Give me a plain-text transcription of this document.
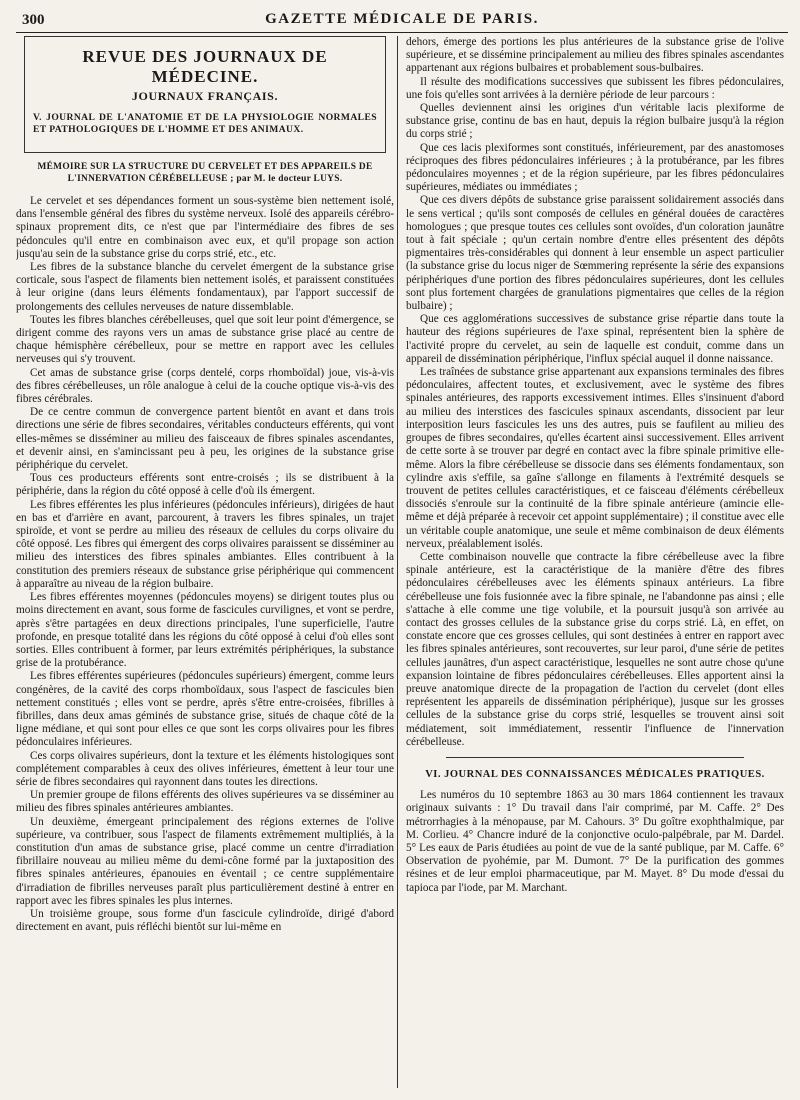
300	GAZETTE MÉDICALE DE PARIS.
REVUE DES JOURNAUX DE MÉDECINE.
JOURNAUX FRANÇAIS.

V. JOURNAL DE L'ANATOMIE ET DE LA PHYSIOLOGIE NORMALES ET PATHOLOGIQUES DE L'HOMME ET DES ANIMAUX.

MÉMOIRE SUR LA STRUCTURE DU CERVELET ET DES APPAREILS DE L'INNERVATION CÉRÉBELLEUSE ; par M. le docteur LUYS.

Le cervelet et ses dépendances forment un sous-système bien nettement isolé, dans l'ensemble général des fibres du système nerveux. Isolé des appareils cérébro-spinaux proprement dits, ce n'est que par l'intermédiaire des fibres de ses pédoncules qu'il entre en combinaison avec eux, et qu'il propage son action jusqu'au sein de la substance grise du corps strié, etc., etc.

Les fibres de la substance blanche du cervelet émergent de la substance grise corticale, sous l'aspect de filaments bien nettement isolés, et paraissent constituées à leur origine (dans leurs éléments fondamentaux), par l'apport successif de prolongements des cellules nerveuses de nature dissemblable.

Toutes les fibres blanches cérébelleuses, quel que soit leur point d'émergence, se dirigent comme des rayons vers un amas de substance grise placé au centre de chaque hémisphère cérébelleux, pour se mettre en rapport avec les cellules nerveuses qui s'y trouvent.

Cet amas de substance grise (corps dentelé, corps rhomboïdal) joue, vis-à-vis des fibres cérébelleuses, un rôle analogue à celui de la couche optique vis-à-vis des fibres cérébrales.

De ce centre commun de convergence partent bientôt en avant et dans trois directions une série de fibres secondaires, véritables conducteurs efférents, qui vont elles-mêmes se disséminer au milieu des faisceaux de fibres spinales ascendantes, et devenir ainsi, en s'amincissant peu à peu, les origines de la substance grise périphérique du cervelet.

Tous ces producteurs efférents sont entre-croisés ; ils se distribuent à la périphérie, dans la région du côté opposé à celle d'où ils émergent.

Les fibres efférentes les plus inférieures (pédoncules inférieurs), dirigées de haut en bas et d'arrière en avant, parcourent, à travers les fibres spinales, un trajet spiroïde, et vont se perdre au milieu des réseaux de cellules du corps olivaire du côté opposé. Les fibres qui émergent des corps olivaires paraissent se disséminer au milieu des interstices des fibres spinales ambiantes. Elles contribuent à la constitution des premiers réseaux de substance grise périphérique qui commencent à apparaître au niveau de la région bulbaire.

Les fibres efférentes moyennes (pédoncules moyens) se dirigent toutes plus ou moins directement en avant, sous forme de fascicules curvilignes, et vont se perdre, après s'être partagées en deux directions principales, l'une superficielle, l'autre profonde, en presque totalité dans les régions du côté opposé à celui d'où elles sont sorties. Elles contribuent à former, par leurs extrémités périphériques, la substance grise de la protubérance.

Les fibres efférentes supérieures (pédoncules supérieurs) émergent, comme leurs congénères, de la cavité des corps rhomboïdaux, sous l'aspect de fascicules bien nettement constitués ; elles vont se perdre, après s'être entre-croisées, fibrilles à fibrilles, dans deux amas géminés de substance grise, situés de chaque côté de la ligne médiane, et qui sont pour elles ce que sont les corps olivaires pour les fibres pédonculaires inférieures.

Ces corps olivaires supérieurs, dont la texture et les éléments histologiques sont complétement comparables à ceux des olives inférieures, émettent à leur tour une série de fibres secondaires qui rayonnent dans toutes les directions.

Un premier groupe de filons efférents des olives supérieures va se disséminer au milieu des fibres spinales antérieures ambiantes.

Un deuxième, émergeant principalement des régions externes de l'olive supérieure, va contribuer, sous l'aspect de filaments extrêmement multipliés, à la constitution d'un amas de substance grise, placé comme un centre d'irradiation fibrillaire nouveau au milieu même du demi-cône formé par la juxtaposition des fibres spinales antérieures, épanouies en éventail ; ce centre supplémentaire d'irradiation de fibrilles nerveuses paraît plus particulièrement destiné à entrer en rapport avec les fibres spinales les plus internes.

Un troisième groupe, sous forme d'un fascicule cylindroïde, dirigé d'abord directement en avant, puis réfléchi bientôt sur lui-même en

dehors, émerge des portions les plus antérieures de la substance grise de l'olive supérieure, et se dissémine principalement au milieu des fibres spinales ascendantes appartenant aux régions bulbaires et probablement sous-bulbaires.

Il résulte des modifications successives que subissent les fibres pédonculaires, une fois qu'elles sont arrivées à la dernière période de leur parcours :

Quelles deviennent ainsi les origines d'un véritable lacis plexiforme de substance grise, continu de bas en haut, depuis la région bulbaire jusqu'à la région du corps strié ;

Que ces lacis plexiformes sont constitués, inférieurement, par des anastomoses réciproques des fibres pédonculaires inférieures ; à la protubérance, par les fibres pédonculaires moyennes ; et de la région supérieure, par les fibres pédonculaires supérieures, médiates ou immédiates ;

Que ces divers dépôts de substance grise paraissent solidairement associés dans le sens vertical ; qu'ils sont composés de cellules en général douées de caractères homologues ; que presque toutes ces cellules sont ovoïdes, d'un coloration jaunâtre tout à fait spéciale ; qu'un certain nombre d'entre elles présentent des dépôts pigmentaires très-considérables qui donnent à leur ensemble un aspect particulier (la substance grise du locus niger de Sœmmering représente la série des expansions périphériques d'une portion des fibres pédonculaires supérieures, dont les cellules sont plus fortement chargées de granulations pigmentaires que celles de la région bulbaire) ;

Que ces agglomérations successives de substance grise répartie dans toute la hauteur des régions supérieures de l'axe spinal, représentent bien la sphère de l'activité propre du cervelet, au sein de laquelle est conduit, comme dans un appareil de dissémination périphérique, l'influx spécial auquel il donne naissance.

Les traînées de substance grise appartenant aux expansions terminales des fibres pédonculaires, affectent toutes, et exclusivement, avec le système des fibres spinales antérieures, des rapports excessivement intimes. Elles s'insinuent d'abord au milieu des interstices des fascicules spinaux ascendants, dissocient par leur interposition leurs fascicules les uns des autres, puis se faufilent au milieu des groupes de fibres secondaires, qu'elles écartent ainsi successivement. Elles arrivent de cette sorte à se trouver par degré en contact avec la fibre spinale primitive elle-même. Alors la fibre cérébelleuse se dissocie dans ses éléments fondamentaux, son cylindre axis s'effile, sa gaîne s'allonge en filaments à l'extrémité desquels se trouvent de petites cellules caractéristiques, et ce faisceau d'éléments cérébelleux dissociés s'enroule sur la continuité de la fibre spinale antérieure (amincie elle-même et déjà préparée à recevoir cet appoint supplémentaire) ; il constitue avec elle un véritable couple anatomique, une seule et même combinaison de deux éléments nerveux, préalablement isolés.

Cette combinaison nouvelle que contracte la fibre cérébelleuse avec la fibre spinale antérieure, est la caractéristique de la manière d'être des fibres pédonculaires cérébelleuses avec les éléments spinaux antérieurs. La fibre cérébelleuse une fois fusionnée avec la fibre spinale, ne l'abandonne pas ainsi ; elle s'attache à elle comme une tige volubile, et la poursuit jusqu'à son arrivée au contact des grosses cellules de la substance grise du corps strié. Là, en effet, on constate encore que ces grosses cellules, qui sont destinées à entrer en rapport avec les fibres spinales antérieures, sont recouvertes, sur leur paroi, d'une série de petites cellules jaunâtres, d'un aspect caractéristique, lesquelles ne sont autre chose qu'une expansion lointaine de fibres pédonculaires cérébelleuses. Elles apportent ainsi la preuve anatomique directe de la propagation de l'action du cervelet (dont elles représentent les appareils de dissémination périphérique), jusque sur les grosses cellules de la substance grise du corps strié, lesquelles se trouvent ainsi soit médiatement, soit immédiatement, ressentir l'influence de l'innervation cérébelleuse.

VI. JOURNAL DES CONNAISSANCES MÉDICALES PRATIQUES.

Les numéros du 10 septembre 1863 au 30 mars 1864 contiennent les travaux originaux suivants : 1° Du travail dans l'air comprimé, par M. Caffe. 2° Des métrorrhagies à la ménopause, par M. Cahours. 3° Du goître exophthalmique, par M. Corlieu. 4° Chancre induré de la conjonctive oculo-palpébrale, par M. Dardel. 5° Les eaux de Paris étudiées au point de vue de la santé publique, par M. Caffe. 6° Observation de pyohémie, par M. Dumont. 7° De la purification des gommes résines et de leur emploi pharmaceutique, par M. Mayet. 8° Du mode d'essai du tapioca par l'iode, par M. Marchant.
